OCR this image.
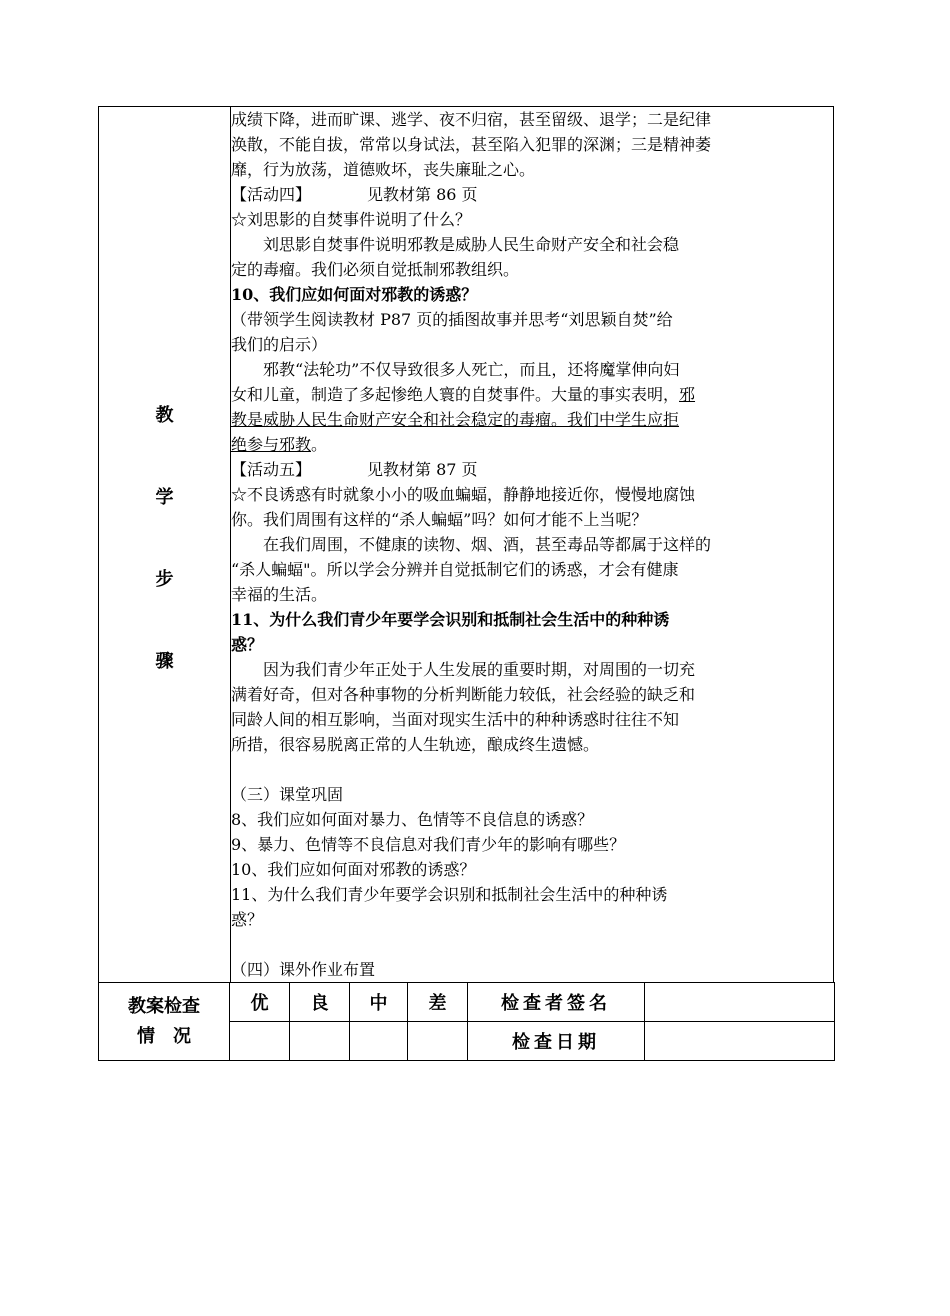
教
学
步
骤

成绩下降，进而旷课、逃学、夜不归宿，甚至留级、退学；二是纪律
涣散，不能自拔，常常以身试法，甚至陷入犯罪的深渊；三是精神萎
靡，行为放荡，道德败坏，丧失廉耻之心。
【活动四】	见教材第 86 页
☆刘思影的自焚事件说明了什么？
刘思影自焚事件说明邪教是威胁人民生命财产安全和社会稳
定的毒瘤。我们必须自觉抵制邪教组织。
10、我们应如何面对邪教的诱惑？
（带领学生阅读教材 P87 页的插图故事并思考“刘思颖自焚”给
我们的启示）
邪教“法轮功”不仅导致很多人死亡，而且，还将魔掌伸向妇
女和儿童，制造了多起惨绝人寰的自焚事件。大量的事实表明，邪
教是威胁人民生命财产安全和社会稳定的毒瘤。我们中学生应拒
绝参与邪教。
【活动五】	见教材第 87 页
☆不良诱惑有时就象小小的吸血蝙蝠，静静地接近你，慢慢地腐蚀
你。我们周围有这样的“杀人蝙蝠”吗？如何才能不上当呢？
在我们周围，不健康的读物、烟、酒，甚至毒品等都属于这样的
“杀人蝙蝠"。所以学会分辨并自觉抵制它们的诱惑，才会有健康
幸福的生活。
11、为什么我们青少年要学会识别和抵制社会生活中的种种诱
惑？
因为我们青少年正处于人生发展的重要时期，对周围的一切充
满着好奇，但对各种事物的分析判断能力较低，社会经验的缺乏和
同龄人间的相互影响，当面对现实生活中的种种诱惑时往往不知
所措，很容易脱离正常的人生轨迹，酿成终生遗憾。
（三）课堂巩固
8、我们应如何面对暴力、色情等不良信息的诱惑？
9、暴力、色情等不良信息对我们青少年的影响有哪些？
10、我们应如何面对邪教的诱惑？
11、为什么我们青少年要学会识别和抵制社会生活中的种种诱
惑？
（四）课外作业布置
教案检查
情　况	优	良	中	差	检查者签名	
					检查日期	
